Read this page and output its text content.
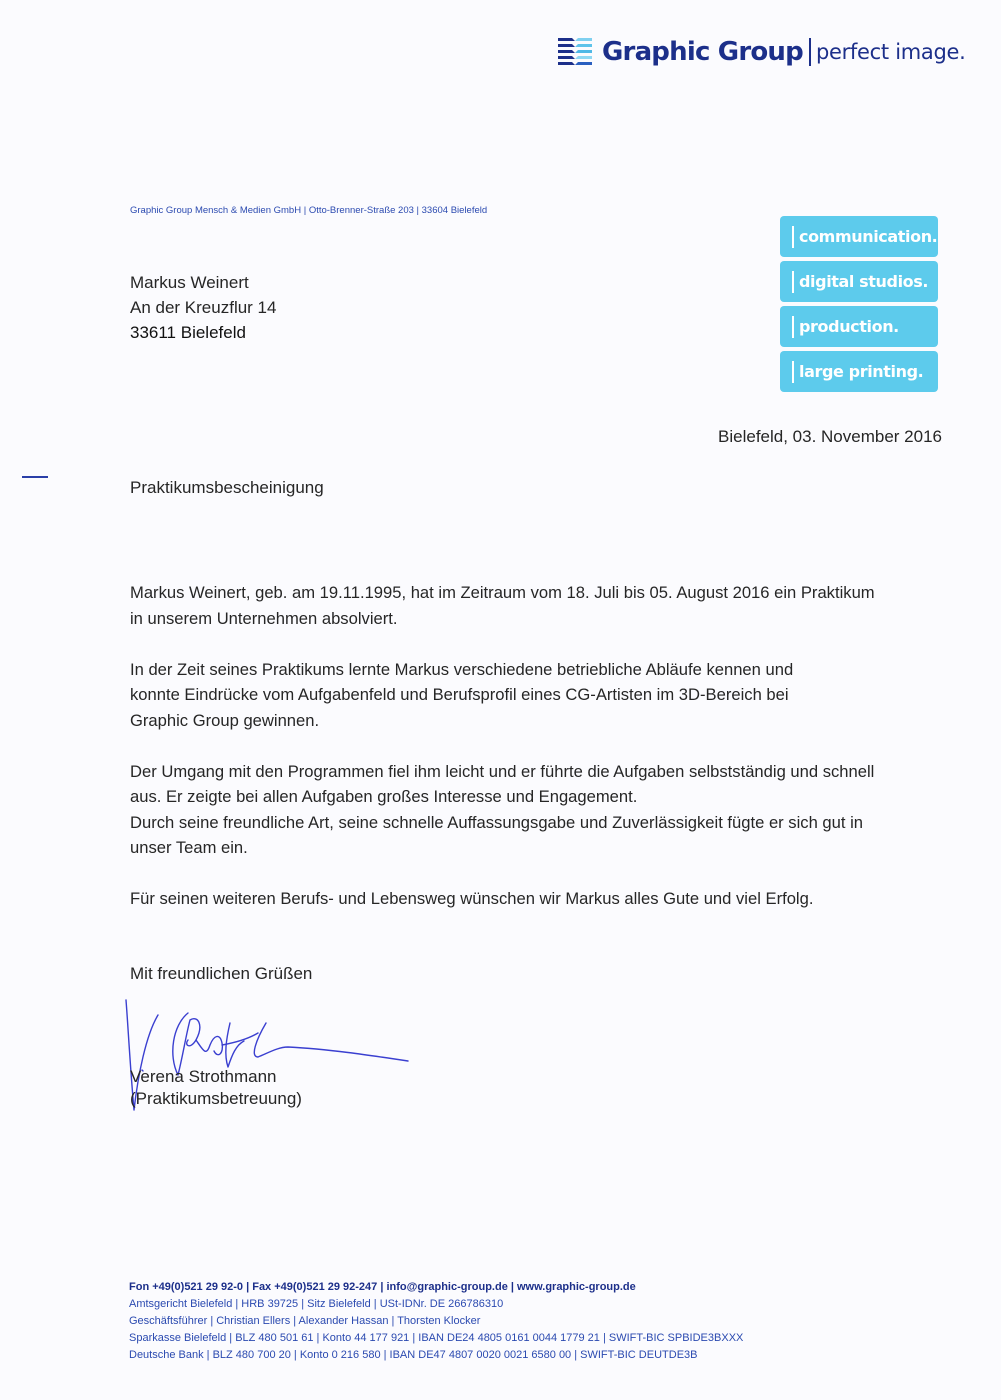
Graphic Group perfect image.
Graphic Group Mensch & Medien GmbH | Otto-Brenner-Straße 203 | 33604 Bielefeld
communication.
digital studios.
production.
large printing.
Markus Weinert
An der Kreuzflur 14
33611 Bielefeld
Bielefeld, 03. November 2016
Praktikumsbescheinigung

Markus Weinert, geb. am 19.11.1995, hat im Zeitraum vom 18. Juli bis 05. August 2016 ein Praktikum
in unserem Unternehmen absolviert.

In der Zeit seines Praktikums lernte Markus verschiedene betriebliche Abläufe kennen und
konnte Eindrücke vom Aufgabenfeld und Berufsprofil eines CG-Artisten im 3D-Bereich bei
Graphic Group gewinnen.

Der Umgang mit den Programmen fiel ihm leicht und er führte die Aufgaben selbstständig und schnell
aus. Er zeigte bei allen Aufgaben großes Interesse und Engagement.
Durch seine freundliche Art, seine schnelle Auffassungsgabe und Zuverlässigkeit fügte er sich gut in
unser Team ein.

Für seinen weiteren Berufs- und Lebensweg wünschen wir Markus alles Gute und viel Erfolg.

Mit freundlichen Grüßen
Verena Strothmann
(Praktikumsbetreuung)
Fon +49(0)521 29 92-0 | Fax +49(0)521 29 92-247 | info@graphic-group.de | www.graphic-group.de
Amtsgericht Bielefeld | HRB 39725 | Sitz Bielefeld | USt-IDNr. DE 266786310
Geschäftsführer | Christian Ellers | Alexander Hassan | Thorsten Klocker
Sparkasse Bielefeld | BLZ 480 501 61 | Konto 44 177 921 | IBAN DE24 4805 0161 0044 1779 21 | SWIFT-BIC SPBIDE3BXXX
Deutsche Bank | BLZ 480 700 20 | Konto 0 216 580 | IBAN DE47 4807 0020 0021 6580 00 | SWIFT-BIC DEUTDE3B
